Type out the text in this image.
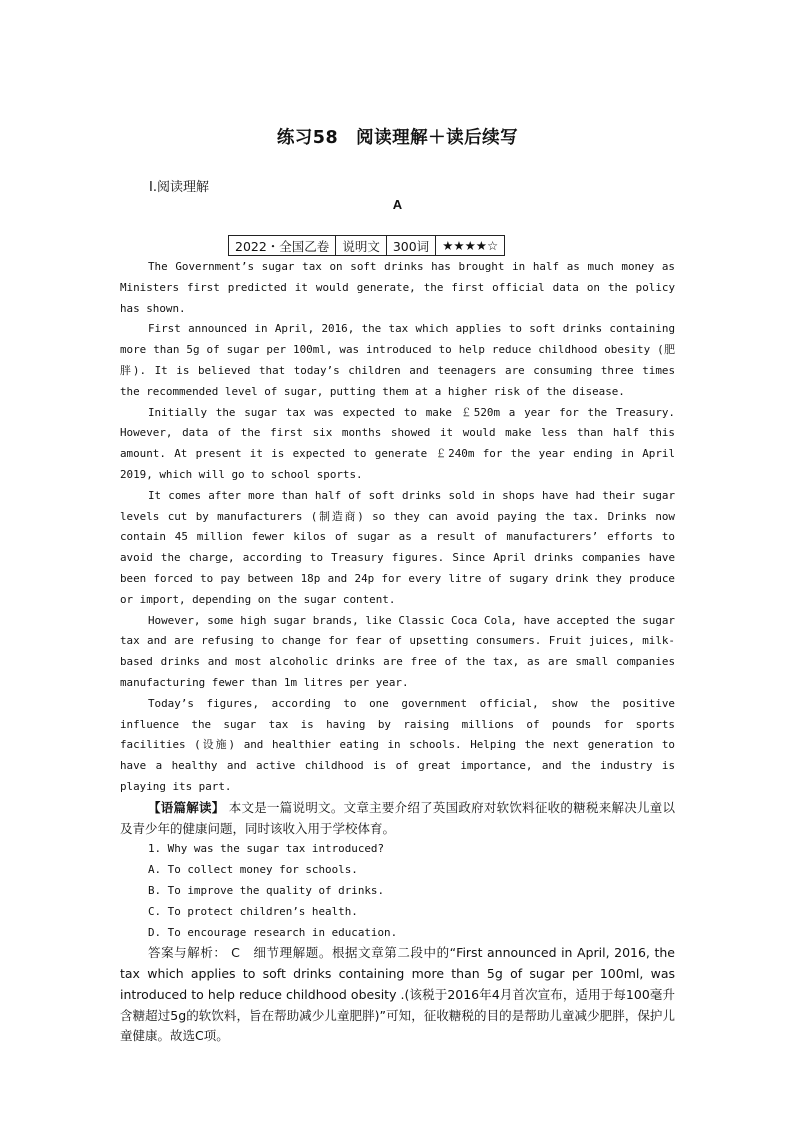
练习58　阅读理解＋读后续写
Ⅰ.阅读理解
A
2022・全国乙卷	说明文	300词	★★★★☆

The Government’s sugar tax on soft drinks has brought in half as much money as Ministers first predicted it would generate, the first official data on the policy has shown.

First announced in April, 2016, the tax which applies to soft drinks containing more than 5g of sugar per 100ml, was introduced to help reduce childhood obesity (肥胖). It is believed that today’s children and teenagers are consuming three times the recommended level of sugar, putting them at a higher risk of the disease.

Initially the sugar tax was expected to make ￡520m a year for the Treasury. However, data of the first six months showed it would make less than half this amount. At present it is expected to generate ￡240m for the year ending in April 2019, which will go to school sports.

It comes after more than half of soft drinks sold in shops have had their sugar levels cut by manufacturers (制造商) so they can avoid paying the tax. Drinks now contain 45 million fewer kilos of sugar as a result of manufacturers’ efforts to avoid the charge, according to Treasury figures. Since April drinks companies have been forced to pay between 18p and 24p for every litre of sugary drink they produce or import, depending on the sugar content.

However, some high sugar brands, like Classic Coca Cola, have accepted the sugar tax and are refusing to change for fear of upsetting consumers. Fruit juices, milk-based drinks and most alcoholic drinks are free of the tax, as are small companies manufacturing fewer than 1m litres per year.

Today’s figures, according to one government official, show the positive influence the sugar tax is having by raising millions of pounds for sports facilities (设施) and healthier eating in schools. Helping the next generation to have a healthy and active childhood is of great importance, and the industry is playing its part.

【语篇解读】 本文是一篇说明文。文章主要介绍了英国政府对软饮料征收的糖税来解决儿童以及青少年的健康问题，同时该收入用于学校体育。

1. Why was the sugar tax introduced?

A. To collect money for schools.

B. To improve the quality of drinks.

C. To protect children’s health.

D. To encourage research in education.

答案与解析： C　细节理解题。根据文章第二段中的“First announced in April, 2016, the tax which applies to soft drinks containing more than 5g of sugar per 100ml, was introduced to help reduce childhood obesity .(该税于2016年4月首次宣布，适用于每100毫升含糖超过5g的软饮料，旨在帮助减少儿童肥胖)”可知，征收糖税的目的是帮助儿童减少肥胖，保护儿童健康。故选C项。
